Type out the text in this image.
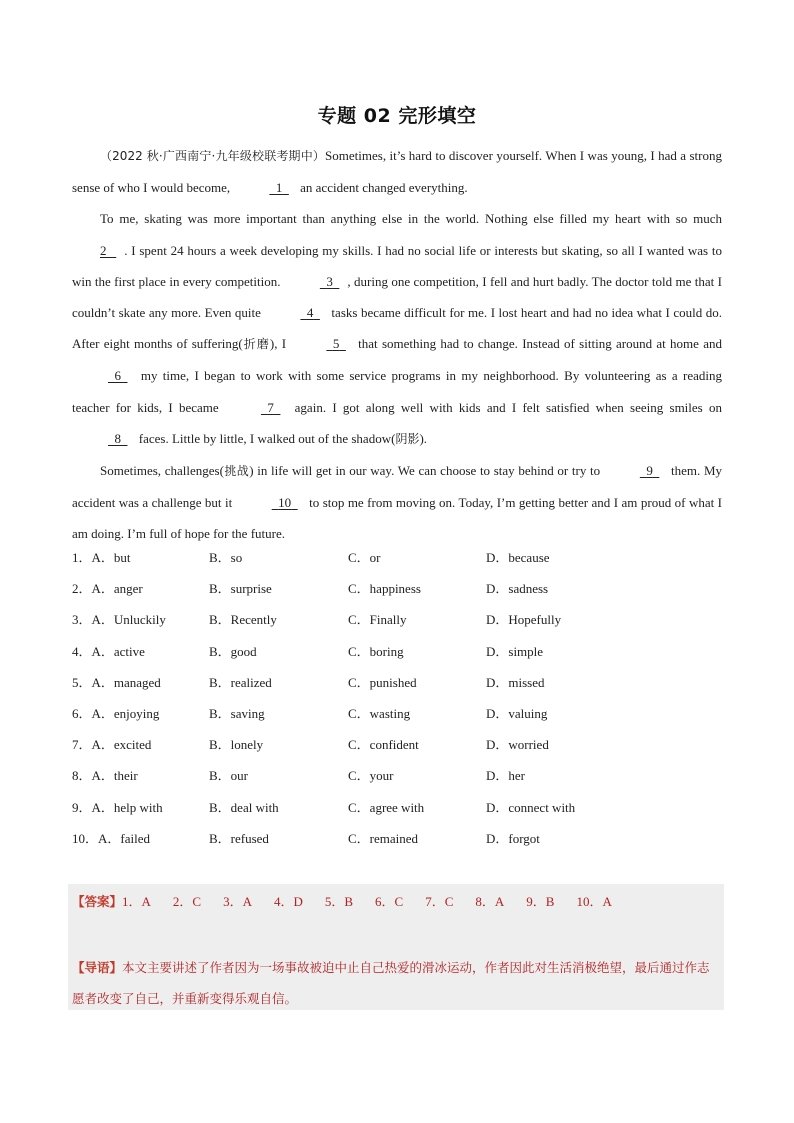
专题 02 完形填空

（2022 秋·广西南宁·九年级校联考期中）Sometimes, it’s hard to discover yourself. When I was young, I had a strong sense of who I would become,	1   an accident changed everything.

To me, skating was more important than anything else in the world. Nothing else filled my heart with so much 2 . I spent 24 hours a week developing my skills. I had no social life or interests but skating, so all I wanted was to win the first place in every competition.	3 , during one competition, I fell and hurt badly. The doctor told me that I couldn’t skate any more. Even quite	4   tasks became difficult for me. I lost heart and had no idea what I could do. After eight months of suffering(折磨), I	5   that something had to change. Instead of sitting around at home and   6   my time, I began to work with some service programs in my neighborhood. By volunteering as a reading teacher for kids, I became	7   again. I got along well with kids and I felt satisfied when seeing smiles on   8   faces. Little by little, I walked out of the shadow(阴影).

Sometimes, challenges(挑战) in life will get in our way. We can choose to stay behind or try to	9   them. My accident was a challenge but it	10   to stop me from moving on. Today, I’m getting better and I am proud of what I am doing. I’m full of hope for the future.

1．A．but	B．so	C．or	D．because
2．A．anger	B．surprise	C．happiness	D．sadness
3．A．Unluckily	B．Recently	C．Finally	D．Hopefully
4．A．active	B．good	C．boring	D．simple
5．A．managed	B．realized	C．punished	D．missed
6．A．enjoying	B．saving	C．wasting	D．valuing
7．A．excited	B．lonely	C．confident	D．worried
8．A．their	B．our	C．your	D．her
9．A．help with	B．deal with	C．agree with	D．connect with
10．A．failed	B．refused	C．remained	D．forgot
【答案】1．A 2．C 3．A 4．D 5．B 6．C 7．C 8．A 9．B 10．A
【导语】本文主要讲述了作者因为一场事故被迫中止自己热爱的滑冰运动，作者因此对生活消极绝望，最后通过作志愿者改变了自己，并重新变得乐观自信。
